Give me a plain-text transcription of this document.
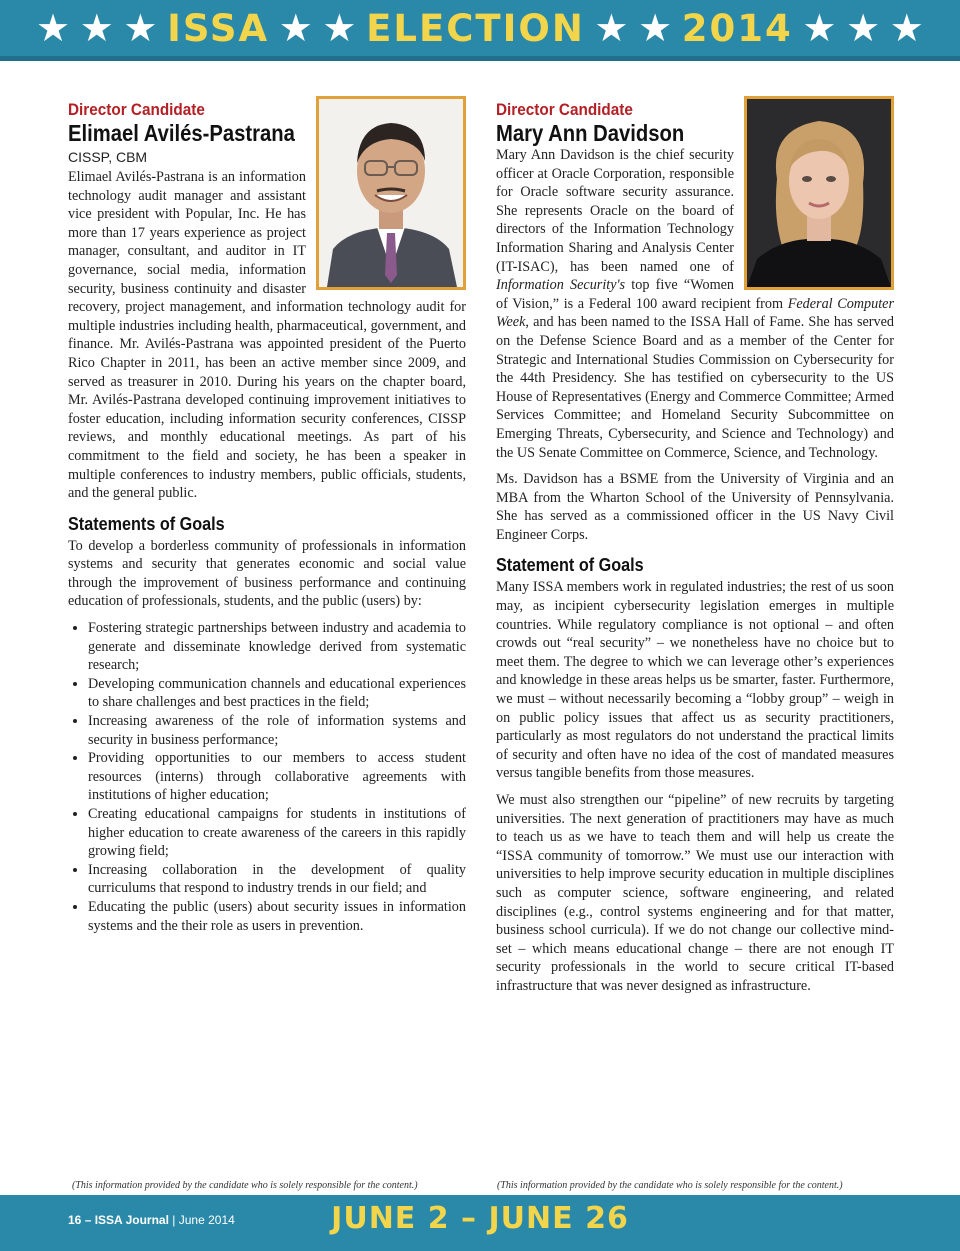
★ ★ ★ ISSA ★ ★ ELECTION ★ ★ 2014 ★ ★ ★
Director Candidate
Elimael Avilés-Pastrana
CISSP, CBM

Elimael Avilés-Pastrana is an information technology audit manager and assistant vice president with Popular, Inc. He has more than 17 years experience as project manager, consultant, and auditor in IT governance, social media, information security, business continuity and disaster recovery, project management, and information technology audit for multiple industries including health, pharmaceutical, government, and finance. Mr. Avilés-Pastrana was appointed president of the Puerto Rico Chapter in 2011, has been an active member since 2009, and served as treasurer in 2010. During his years on the chapter board, Mr. Avilés-Pastrana developed continuing improvement initiatives to foster education, including information security conferences, CISSP reviews, and monthly educational meetings. As part of his commitment to the field and society, he has been a speaker in multiple conferences to industry members, public officials, students, and the general public.

Statements of Goals

To develop a borderless community of professionals in information systems and security that generates economic and social value through the improvement of business performance and continuing education of professionals, students, and the public (users) by:

• Fostering strategic partnerships between industry and academia to generate and disseminate knowledge derived from systematic research;
• Developing communication channels and educational experiences to share challenges and best practices in the field;
• Increasing awareness of the role of information systems and security in business performance;
• Providing opportunities to our members to access student resources (interns) through collaborative agreements with institutions of higher education;
• Creating educational campaigns for students in institutions of higher education to create awareness of the careers in this rapidly growing field;
• Increasing collaboration in the development of quality curriculums that respond to industry trends in our field; and
• Educating the public (users) about security issues in information systems and the their role as users in prevention.
Director Candidate
Mary Ann Davidson

Mary Ann Davidson is the chief security officer at Oracle Corporation, responsible for Oracle software security assurance. She represents Oracle on the board of directors of the Information Technology Information Sharing and Analysis Center (IT-ISAC), has been named one of Information Security's top five “Women of Vision,” is a Federal 100 award recipient from Federal Computer Week, and has been named to the ISSA Hall of Fame. She has served on the Defense Science Board and as a member of the Center for Strategic and International Studies Commission on Cybersecurity for the 44th Presidency. She has testified on cybersecurity to the US House of Representatives (Energy and Commerce Committee; Armed Services Committee; and Homeland Security Subcommittee on Emerging Threats, Cybersecurity, and Science and Technology) and the US Senate Committee on Commerce, Science, and Technology.

Ms. Davidson has a BSME from the University of Virginia and an MBA from the Wharton School of the University of Pennsylvania. She has served as a commissioned officer in the US Navy Civil Engineer Corps.

Statement of Goals

Many ISSA members work in regulated industries; the rest of us soon may, as incipient cybersecurity legislation emerges in multiple countries. While regulatory compliance is not optional – and often crowds out “real security” – we nonetheless have no choice but to meet them. The degree to which we can leverage other’s experiences and knowledge in these areas helps us be smarter, faster. Furthermore, we must – without necessarily becoming a “lobby group” – weigh in on public policy issues that affect us as security practitioners, particularly as most regulators do not understand the practical limits of security and often have no idea of the cost of mandated measures versus tangible benefits from those measures.

We must also strengthen our “pipeline” of new recruits by targeting universities. The next generation of practitioners may have as much to teach us as we have to teach them and will help us create the “ISSA community of tomorrow.” We must use our interaction with universities to help improve security education in multiple disciplines such as computer science, software engineering, and related disciplines (e.g., control systems engineering and for that matter, business school curricula). If we do not change our collective mind-set – which means educational change – there are not enough IT security professionals in the world to secure critical IT-based infrastructure that was never designed as infrastructure.

(This information provided by the candidate who is solely responsible for the content.)	(This information provided by the candidate who is solely responsible for the content.)
16 – ISSA Journal | June 2014	JUNE 2 – JUNE 26
